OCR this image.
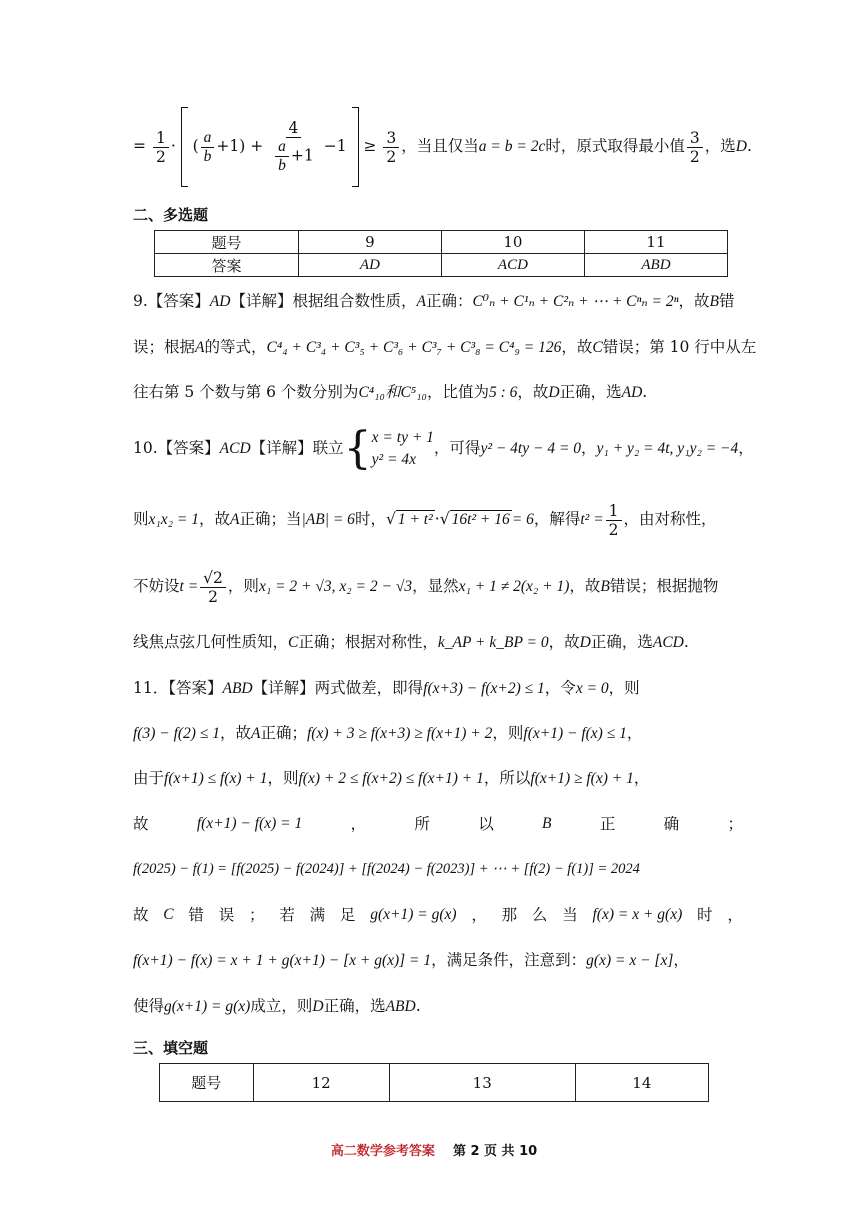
= $\frac{1}{2}$ ·  ( $\frac{a}{b} +1) + \frac{4}{\frac{a}{b} +1} -1 \ge \frac{3}{2}$ ，当且仅当a = b = 2c时，原式取得最小值 $\frac{3}{2}$ ，选D.
二、多选题
题号	9	10	11
答案	AD	ACD	ABD
9.【答案】AD【详解】根据组合数性质，A正确：C⁰ₙ + C¹ₙ + C²ₙ + ⋯ + Cⁿₙ = 2ⁿ，故B错
误；根据A的等式，C⁴₄ + C³₄ + C³₅ + C³₆ + C³₇ + C³₈ = C⁴₉ = 126，故C错误；第 10 行中从左
往右第 5 个数与第 6 个数分别为C⁴₁₀和C⁵₁₀，比值为5 : 6，故D正确，选AD.
10.【答案】ACD【详解】联立{ x = ty + 1
y² = 4x
，可得y² − 4ty − 4 = 0，y₁ + y₂ = 4t, y₁y₂ = −4，
则x₁x₂ = 1，故A正确；当|AB| = 6时，√ 1 + t² ·√ 16t² + 16 = 6，解得$t^2 = \frac{1}{2}$ ，由对称性，
不妨设$t = \frac{√2}{2}$ ，则x₁ = 2 + √3, x₂ = 2 − √3，显然x₁ + 1 ≠ 2(x₂ + 1)，故B错误；根据抛物
线焦点弦几何性质知，C正确；根据对称性，k_AP + k_BP = 0，故D正确，选ACD.
11．【答案】ABD【详解】两式做差，即得f(x+3) − f(x+2) ≤ 1，令x = 0，则
f(3) − f(2) ≤ 1，故A正确；f(x) + 3 ≥ f(x+3) ≥ f(x+1) + 2，则f(x+1) − f(x) ≤ 1，
由于f(x+1) ≤ f(x) + 1，则f(x) + 2 ≤ f(x+2) ≤ f(x+1) + 1，所以f(x+1) ≥ f(x) + 1，
故	f(x+1) − f(x) = 1	，	所	以	B	正	确	；
f(2025) − f(1) = [f(2025) − f(2024)] + [f(2024) − f(2023)] + ⋯ + [f(2) − f(1)] = 2024
故 C 错 误 ； 若 满 足 g(x+1) = g(x) ， 那 么 当 f(x) = x + g(x) 时 ，
f(x+1) − f(x) = x + 1 + g(x+1) − [x + g(x)] = 1，满足条件，注意到：g(x) = x − [x]，
使得g(x+1) = g(x)成立，则D正确，选ABD.
三、填空题
题号	12	13	14
高二数学参考答案 第 2 页 共 10
